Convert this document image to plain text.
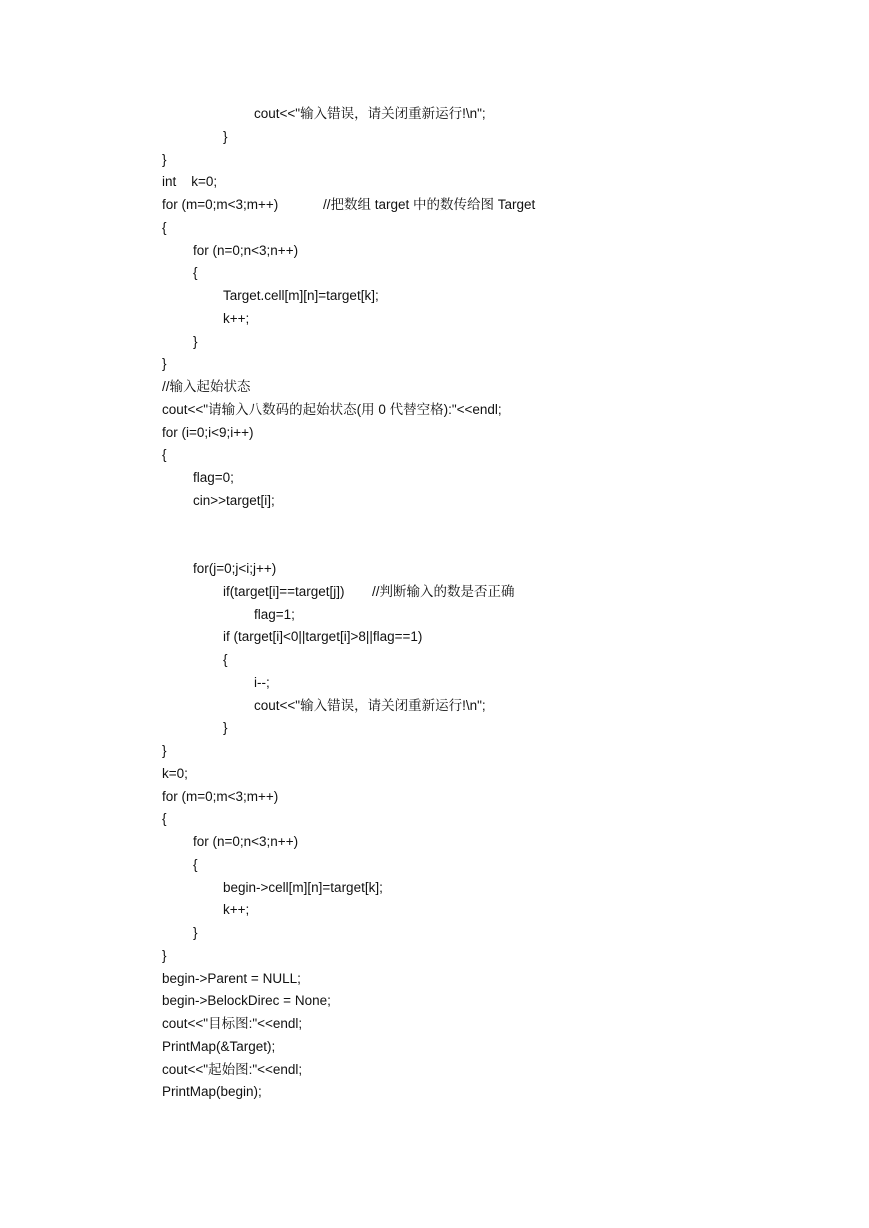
cout<<"输入错误，请关闭重新运行!\n";
}
}
int    k=0;
for (m=0;m<3;m++)	//把数组 target 中的数传给图 Target
{
for (n=0;n<3;n++)
{
Target.cell[m][n]=target[k];
k++;
}
}
//输入起始状态
cout<<"请输入八数码的起始状态(用 0 代替空格):"<<endl;
for (i=0;i<9;i++)
{
flag=0;
cin>>target[i];
for(j=0;j<i;j++)
if(target[i]==target[j]) //判断输入的数是否正确
flag=1;
if (target[i]<0||target[i]>8||flag==1)
{
i--;
cout<<"输入错误，请关闭重新运行!\n";
}
}
k=0;
for (m=0;m<3;m++)
{
for (n=0;n<3;n++)
{
begin->cell[m][n]=target[k];
k++;
}
}
begin->Parent = NULL;
begin->BelockDirec = None;
cout<<"目标图:"<<endl;
PrintMap(&Target);
cout<<"起始图:"<<endl;
PrintMap(begin);
